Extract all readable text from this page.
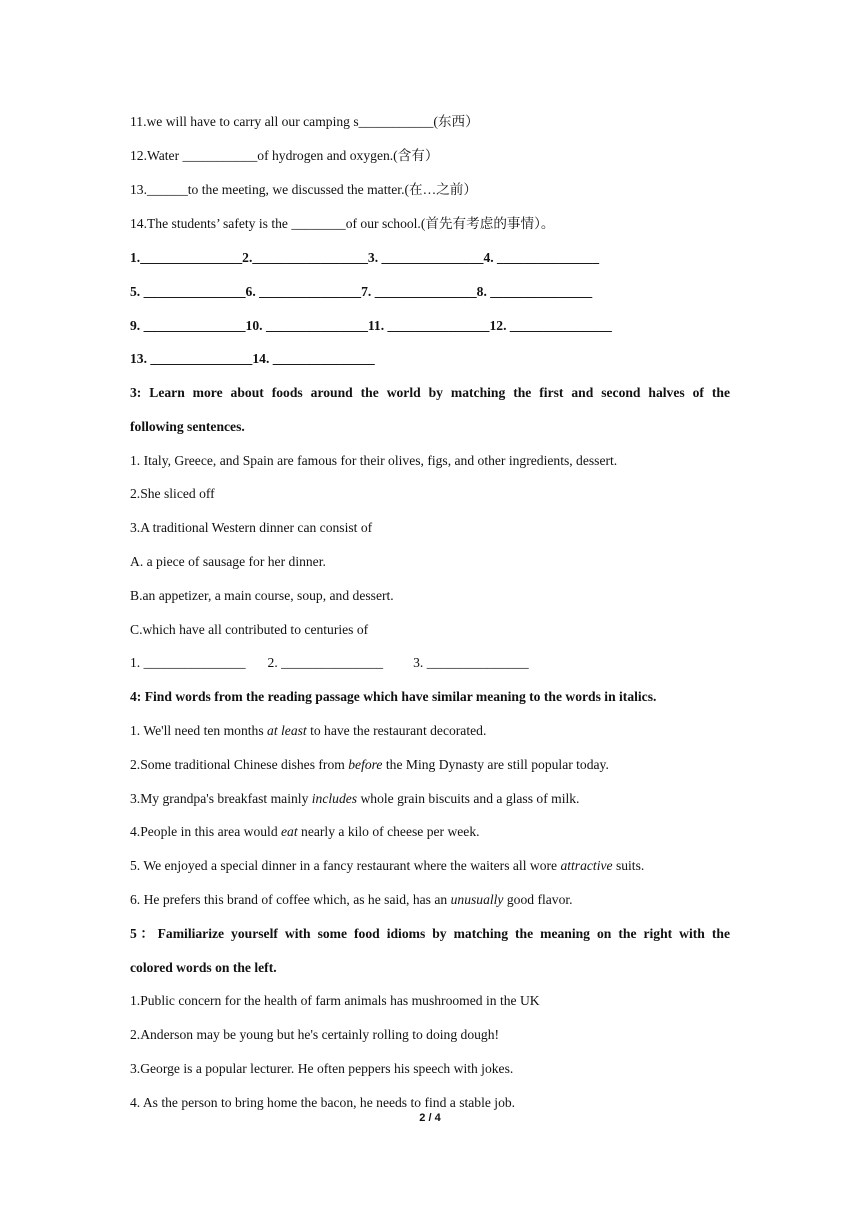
11.we will have to carry all our camping s___________(东西）
12.Water ___________of hydrogen and oxygen.(含有）
13.______to the meeting, we discussed the matter.(在…之前）
14.The students’ safety is the ________of our school.(首先有考虑的事情）。
1._______________2._________________3. _______________4. _______________
5. _______________6. _______________7. _______________8. _______________
9. _______________10. _______________11. _______________12. _______________
13. _______________14. _______________
3: Learn more about foods around the world by matching the first and second halves of the
following sentences.
1. Italy, Greece, and Spain are famous for their olives, figs, and other ingredients, dessert.
2.She sliced off
3.A traditional Western dinner can consist of
A. a piece of sausage for her dinner.
B.an appetizer, a main course, soup, and dessert.
C.which have all contributed to centuries of
1. _______________ 2. _______________ 3. _______________
4: Find words from the reading passage which have similar meaning to the words in italics.
1. We'll need ten months at least to have the restaurant decorated.
2.Some traditional Chinese dishes from before the Ming Dynasty are still popular today.
3.My grandpa's breakfast mainly includes whole grain biscuits and a glass of milk.
4.People in this area would eat nearly a kilo of cheese per week.
5. We enjoyed a special dinner in a fancy restaurant where the waiters all wore attractive suits.
6. He prefers this brand of coffee which, as he said, has an unusually good flavor.
5：Familiarize yourself with some food idioms by matching the meaning on the right with the
colored words on the left.
1.Public concern for the health of farm animals has mushroomed in the UK
2.Anderson may be young but he's certainly rolling to doing dough!
3.George is a popular lecturer. He often peppers his speech with jokes.
4. As the person to bring home the bacon, he needs to find a stable job.
2 / 4
